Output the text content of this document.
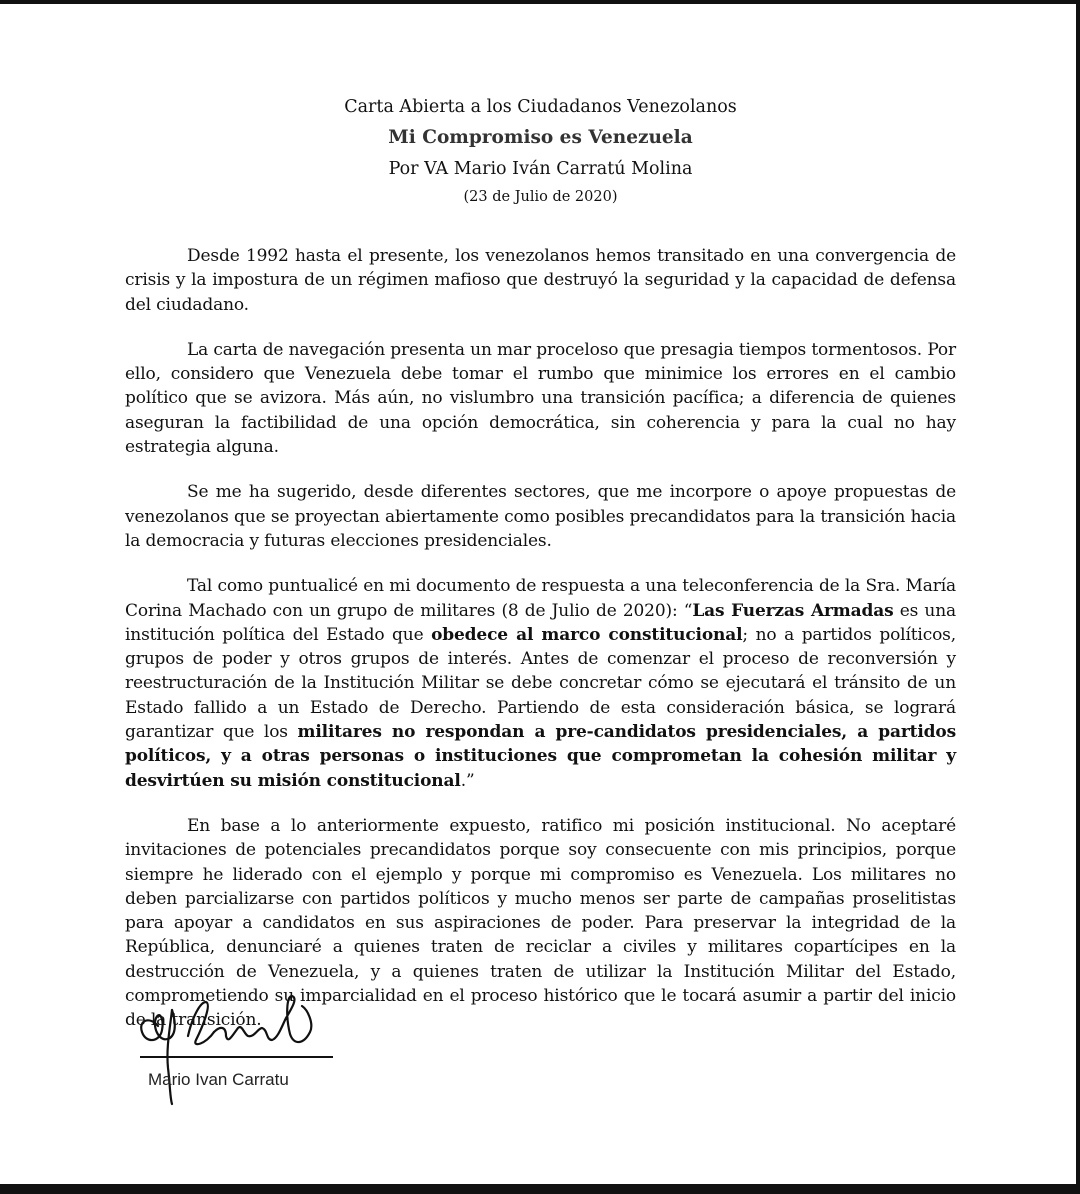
Carta Abierta a los Ciudadanos Venezolanos
Mi Compromiso es Venezuela
Por VA Mario Iván Carratú Molina
(23 de Julio de 2020)

Desde 1992 hasta el presente, los venezolanos hemos transitado en una convergencia de crisis y la impostura de un régimen mafioso que destruyó la seguridad y la capacidad de defensa del ciudadano.

La carta de navegación presenta un mar proceloso que presagia tiempos tormentosos. Por ello, considero que Venezuela debe tomar el rumbo que minimice los errores en el cambio político que se avizora. Más aún, no vislumbro una transición pacífica; a diferencia de quienes aseguran la factibilidad de una opción democrática, sin coherencia y para la cual no hay estrategia alguna.

Se me ha sugerido, desde diferentes sectores, que me incorpore o apoye propuestas de venezolanos que se proyectan abiertamente como posibles precandidatos para la transición hacia la democracia y futuras elecciones presidenciales.

Tal como puntualicé en mi documento de respuesta a una teleconferencia de la Sra. María Corina Machado con un grupo de militares (8 de Julio de 2020): “Las Fuerzas Armadas es una institución política del Estado que obedece al marco constitucional; no a partidos políticos, grupos de poder y otros grupos de interés. Antes de comenzar el proceso de reconversión y reestructuración de la Institución Militar se debe concretar cómo se ejecutará el tránsito de un Estado fallido a un Estado de Derecho. Partiendo de esta consideración básica, se logrará garantizar que los militares no respondan a pre-candidatos presidenciales, a partidos políticos, y a otras personas o instituciones que comprometan la cohesión militar y desvirtúen su misión constitucional.”

En base a lo anteriormente expuesto, ratifico mi posición institucional. No aceptaré invitaciones de potenciales precandidatos porque soy consecuente con mis principios, porque siempre he liderado con el ejemplo y porque mi compromiso es Venezuela. Los militares no deben parcializarse con partidos políticos y mucho menos ser parte de campañas proselitistas para apoyar a candidatos en sus aspiraciones de poder. Para preservar la integridad de la República, denunciaré a quienes traten de reciclar a civiles y militares copartícipes en la destrucción de Venezuela, y a quienes traten de utilizar la Institución Militar del Estado, comprometiendo su imparcialidad en el proceso histórico que le tocará asumir a partir del inicio de la transición.

Mario Ivan Carratu
